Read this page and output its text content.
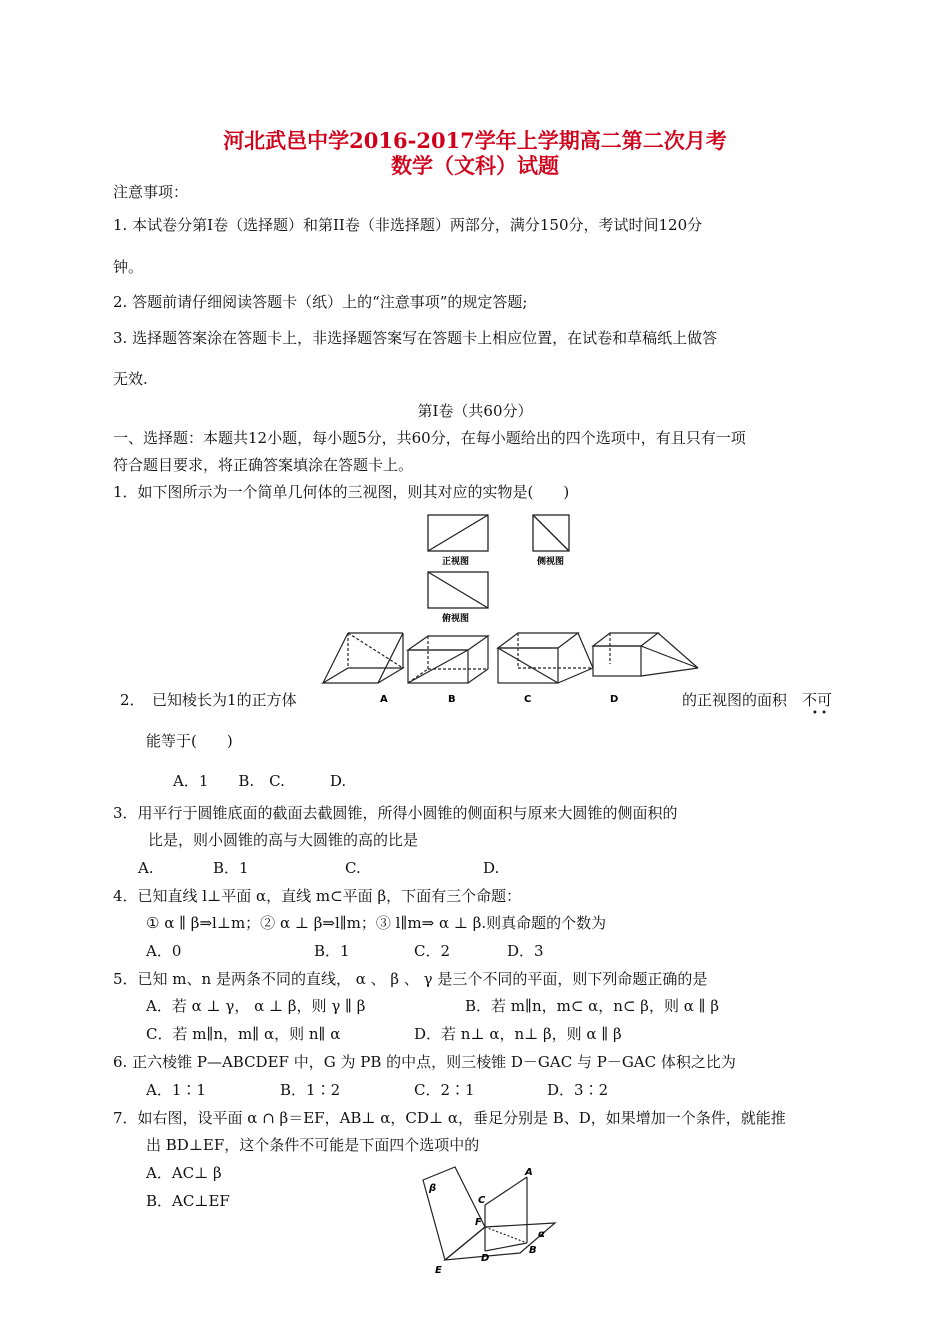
河北武邑中学2016-2017学年上学期高二第二次月考
数学（文科）试题
注意事项：
1. 本试卷分第Ⅰ卷（选择题）和第II卷（非选择题）两部分，满分150分，考试时间120分
钟。
2. 答题前请仔细阅读答题卡（纸）上的“注意事项”的规定答题;
3. 选择题答案涂在答题卡上，非选择题答案写在答题卡上相应位置，在试卷和草稿纸上做答
无效.
第Ⅰ卷（共60分）
一、选择题：本题共12小题，每小题5分，共60分，在每小题给出的四个选项中，有且只有一项
符合题目要求，将正确答案填涂在答题卡上。
1．如下图所示为一个简单几何体的三视图，则其对应的实物是(　　)
正视图	侧视图
俯视图
A	B	C	D
2．　已知棱长为1的正方体	的正视图的面积 不可
• •
能等于(　　)
A．1　　B.　C.　　　D.
3．用平行于圆锥底面的截面去截圆锥，所得小圆锥的侧面积与原来大圆锥的侧面积的
比是，则小圆锥的高与大圆锥的高的比是
A.	B．1	C.	D.
4．已知直线 l⊥平面 α，直线 m⊂平面 β，下面有三个命题：
① α ∥ β⇒l⊥m；② α ⊥ β⇒l∥m；③ l∥m⇒ α ⊥ β.则真命题的个数为
A．0	B．1	C．2	D．3
5．已知 m、n 是两条不同的直线， α 、 β 、 γ 是三个不同的平面，则下列命题正确的是
A．若 α ⊥ γ， α ⊥ β，则 γ ∥ β	B．若 m∥n，m⊂ α，n⊂ β，则 α ∥ β
C．若 m∥n，m∥ α，则 n∥ α	D．若 n⊥ α，n⊥ β，则 α ∥ β
6. 正六棱锥 P—ABCDEF 中，G 为 PB 的中点，则三棱锥 D－GAC 与 P－GAC 体积之比为
A．1∶1	B．1∶2	C．2∶1	D．3∶2
7．如右图，设平面 α ∩ β＝EF，AB⊥ α，CD⊥ α，垂足分别是 B、D，如果增加一个条件，就能推
出 BD⊥EF，这个条件不可能是下面四个选项中的
A．AC⊥ β
B．AC⊥EF
β
α
A
B
C
D
E
F
